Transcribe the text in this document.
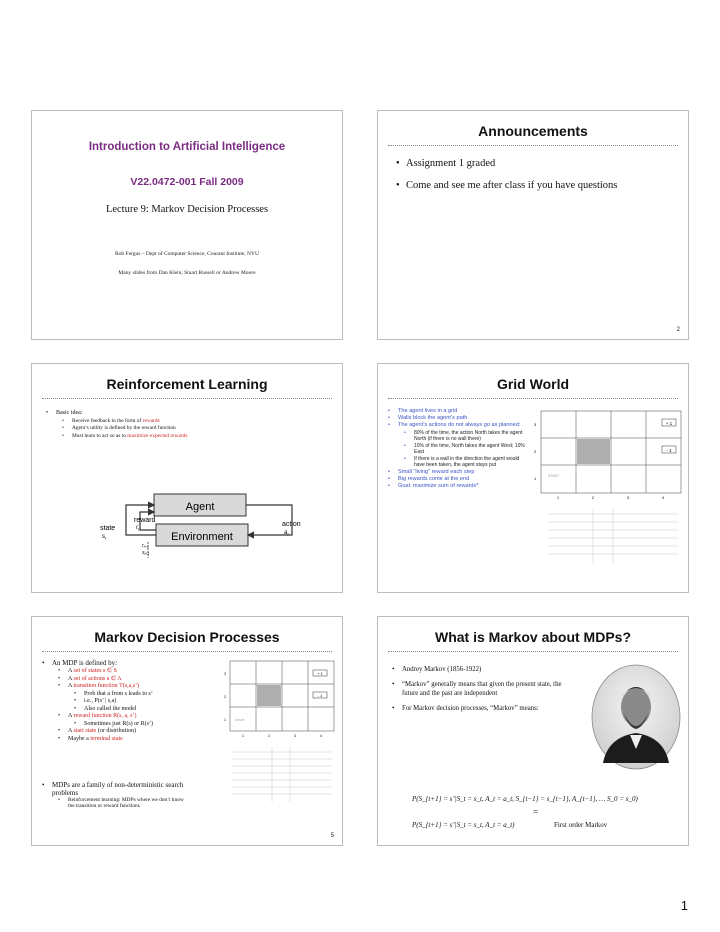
Introduction to Artificial Intelligence
V22.0472-001 Fall 2009
Lecture 9: Markov Decision Processes
Rob Fergus – Dept of Computer Science, Courant Institute, NYU
Many slides from Dan Klein, Stuart Russell or Andrew Moore
Announcements
• Assignment 1 graded
• Come and see me after class if you have questions
2
Reinforcement Learning
• Basic idea:
• Receive feedback in the form of rewards
• Agent’s utility is defined by the reward function
• Must learn to act so as to maximize expected rewards
Agent
Environment
state
$s_t$
reward
$r_t$
action
$a_t$
$r_{t+1}$
$s_{t+1}$
Grid World
• The agent lives in a grid
• Walls block the agent’s path
• The agent’s actions do not always go as planned:
• 80% of the time, the action North takes the agent North (if there is no wall there)
• 10% of the time, North takes the agent West; 10% East
• If there is a wall in the direction the agent would have been taken, the agent stays put
• Small “living” reward each step
• Big rewards come at the end
• Goal: maximize sum of rewards*
+ 1
- 1
START
3
2
1
1	2	3	4
Markov Decision Processes
• An MDP is defined by:
• A set of states s ∈ S
• A set of actions a ∈ A
• A transition function T(s,a,s’)
• Prob that a from s leads to s’
• i.e., P(s’ | s,a)
• Also called the model
• A reward function R(s, a, s’)
• Sometimes just R(s) or R(s’)
• A start state (or distribution)
• Maybe a terminal state
• MDPs are a family of non-deterministic search problems
• Reinforcement learning: MDPs where we don’t know the transition or reward functions
+ 1
- 1
START
3
2
1
1	2	3	4
5
What is Markov about MDPs?
• Andrey Markov (1856-1922)
• “Markov” generally means that given the present state, the future and the past are independent
• For Markov decision processes, “Markov” means:
P(S_{t+1} = s’|S_t = s_t, A_t = a_t, S_{t−1} = s_{t−1}, A_{t−1}, … S_0 = s_0)
=
P(S_{t+1} = s’|S_t = s_t, A_t = a_t)	First order Markov
1
